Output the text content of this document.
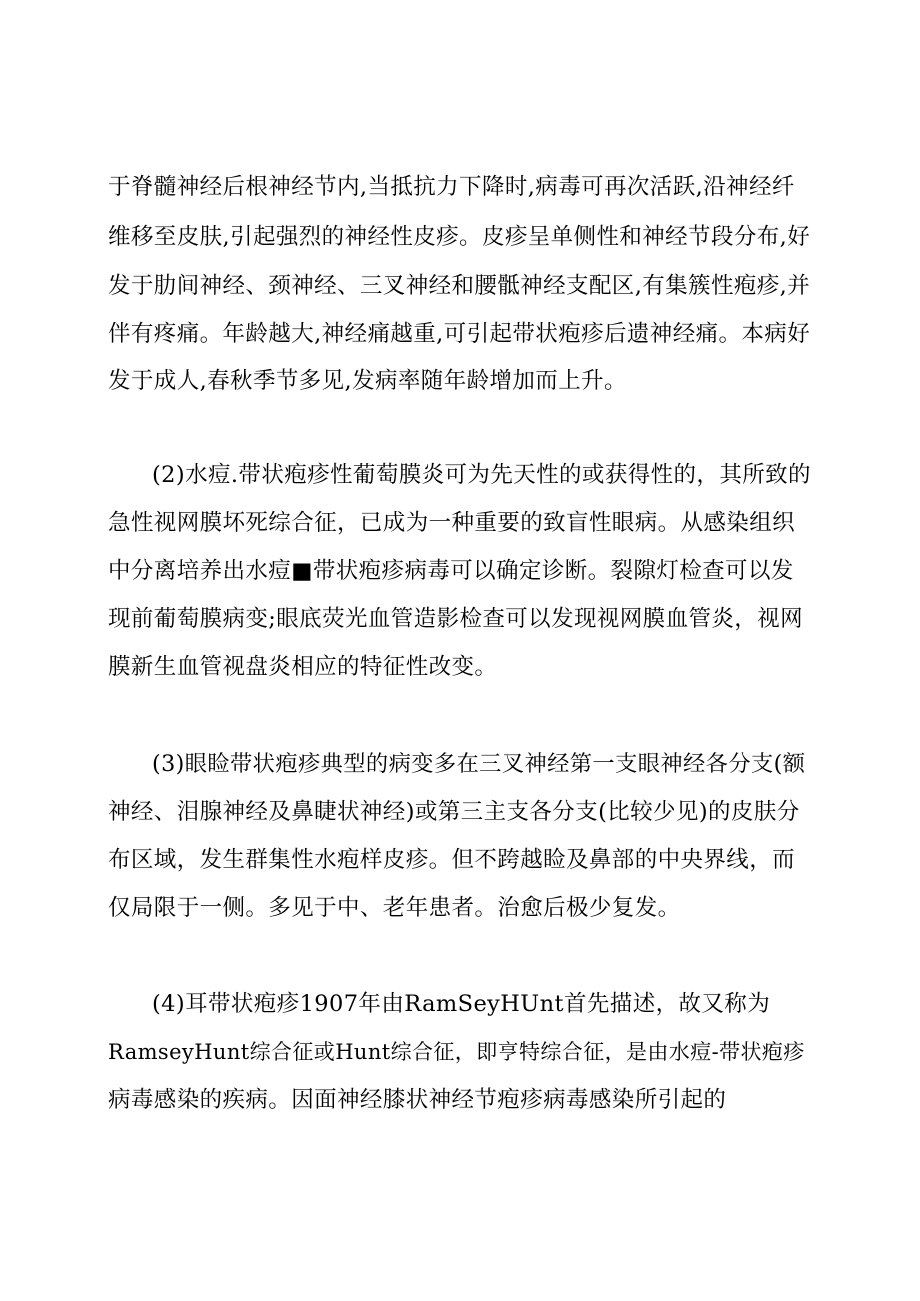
于脊髓神经后根神经节内,当抵抗力下降时,病毒可再次活跃,沿神经纤
维移至皮肤,引起强烈的神经性皮疹。皮疹呈单侧性和神经节段分布,好
发于肋间神经、颈神经、三叉神经和腰骶神经支配区,有集簇性疱疹,并
伴有疼痛。年龄越大,神经痛越重,可引起带状疱疹后遗神经痛。本病好
发于成人,春秋季节多见,发病率随年龄增加而上升。
(2)水痘.带状疱疹性葡萄膜炎可为先天性的或获得性的，其所致的
急性视网膜坏死综合征，已成为一种重要的致盲性眼病。从感染组织
中分离培养出水痘■带状疱疹病毒可以确定诊断。裂隙灯检查可以发
现前葡萄膜病变;眼底荧光血管造影检查可以发现视网膜血管炎，视网
膜新生血管视盘炎相应的特征性改变。
(3)眼睑带状疱疹典型的病变多在三叉神经第一支眼神经各分支(额
神经、泪腺神经及鼻睫状神经)或第三主支各分支(比较少见)的皮肤分
布区域，发生群集性水疱样皮疹。但不跨越睑及鼻部的中央界线，而
仅局限于一侧。多见于中、老年患者。治愈后极少复发。
(4)耳带状疱疹1907年由RamSeyHUnt首先描述，故又称为
RamseyHunt综合征或Hunt综合征，即亨特综合征，是由水痘-带状疱疹
病毒感染的疾病。因面神经膝状神经节疱疹病毒感染所引起的
